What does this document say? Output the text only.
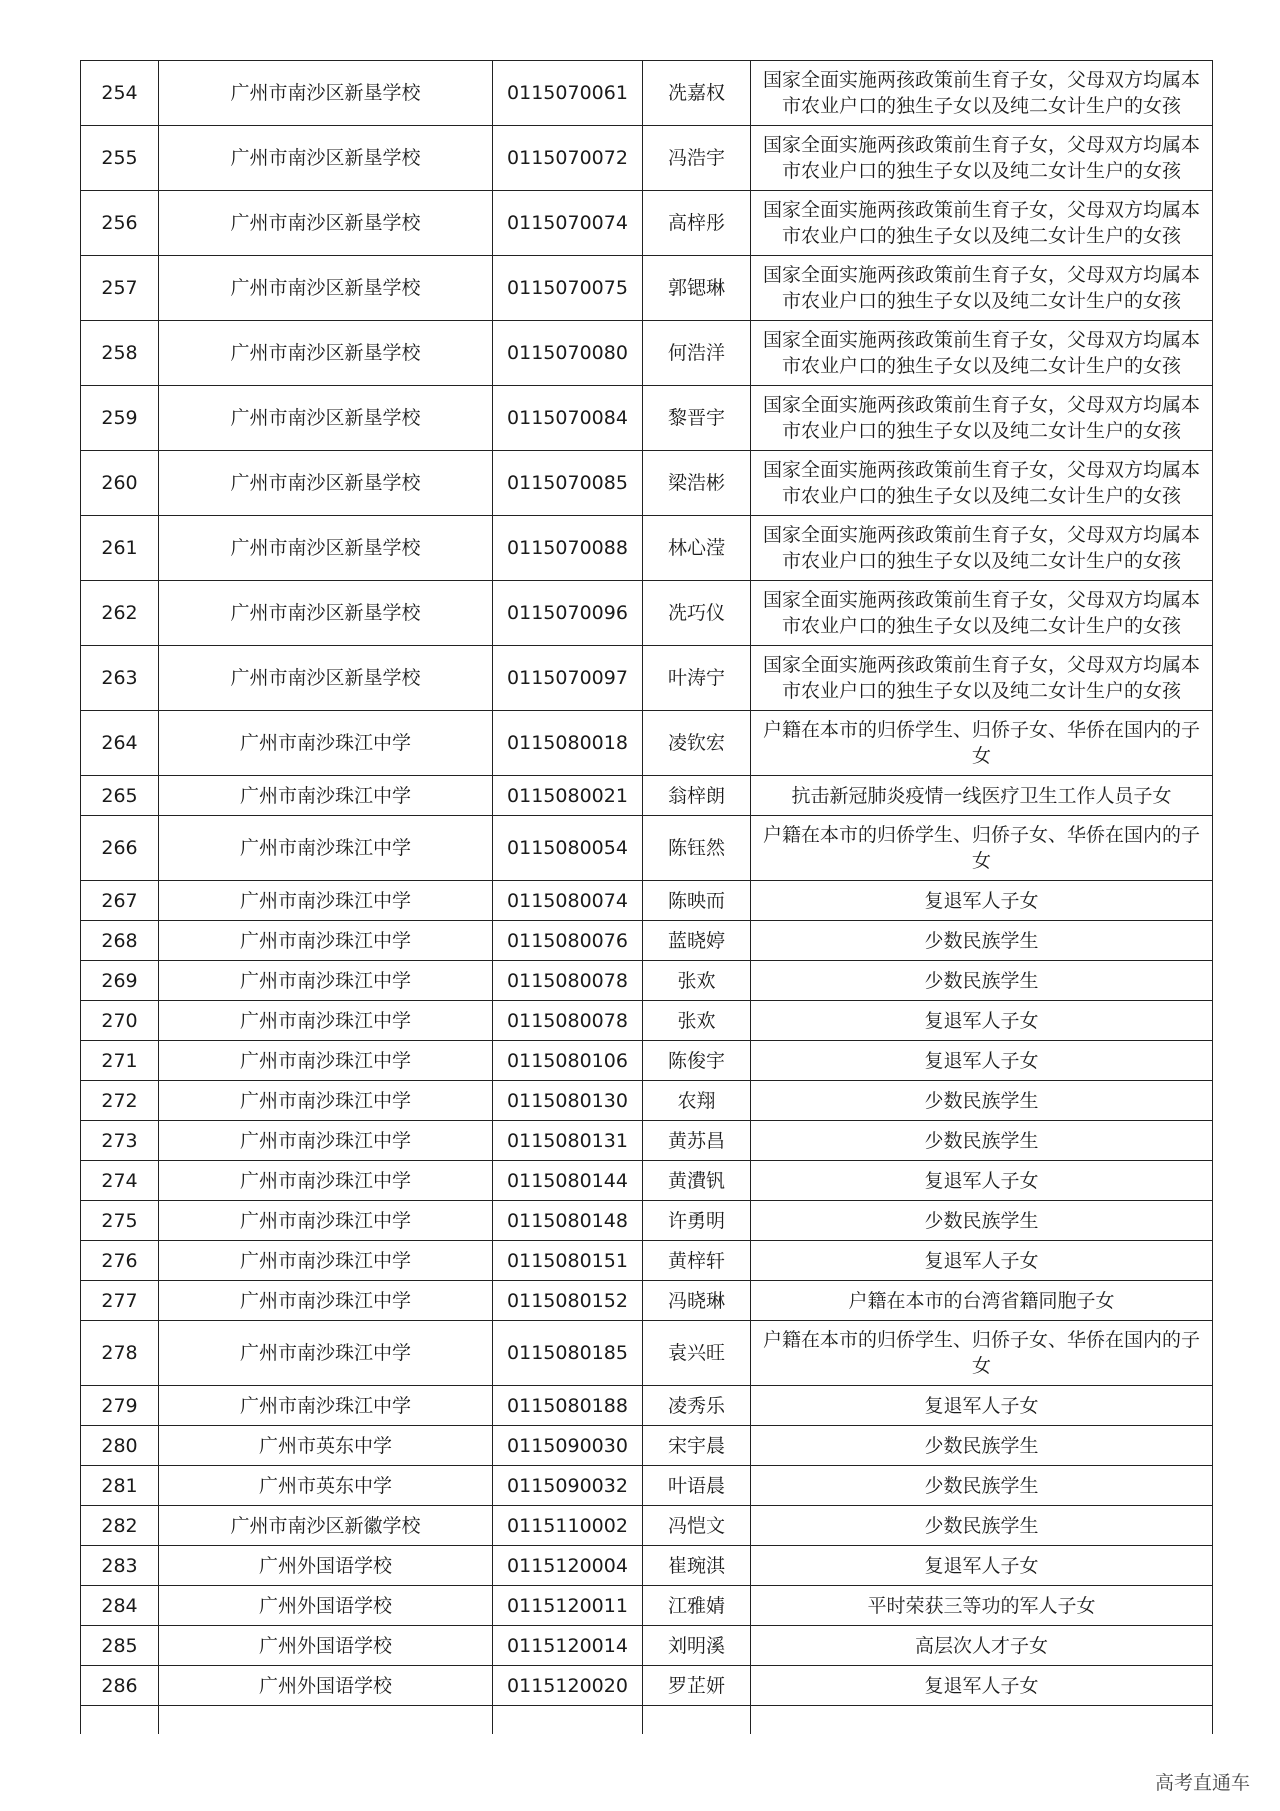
254	广州市南沙区新垦学校	0115070061	冼嘉权	国家全面实施两孩政策前生育子女，父母双方均属本市农业户口的独生子女以及纯二女计生户的女孩
255	广州市南沙区新垦学校	0115070072	冯浩宇	国家全面实施两孩政策前生育子女，父母双方均属本市农业户口的独生子女以及纯二女计生户的女孩
256	广州市南沙区新垦学校	0115070074	高梓彤	国家全面实施两孩政策前生育子女，父母双方均属本市农业户口的独生子女以及纯二女计生户的女孩
257	广州市南沙区新垦学校	0115070075	郭锶琳	国家全面实施两孩政策前生育子女，父母双方均属本市农业户口的独生子女以及纯二女计生户的女孩
258	广州市南沙区新垦学校	0115070080	何浩洋	国家全面实施两孩政策前生育子女，父母双方均属本市农业户口的独生子女以及纯二女计生户的女孩
259	广州市南沙区新垦学校	0115070084	黎晋宇	国家全面实施两孩政策前生育子女，父母双方均属本市农业户口的独生子女以及纯二女计生户的女孩
260	广州市南沙区新垦学校	0115070085	梁浩彬	国家全面实施两孩政策前生育子女，父母双方均属本市农业户口的独生子女以及纯二女计生户的女孩
261	广州市南沙区新垦学校	0115070088	林心滢	国家全面实施两孩政策前生育子女，父母双方均属本市农业户口的独生子女以及纯二女计生户的女孩
262	广州市南沙区新垦学校	0115070096	冼巧仪	国家全面实施两孩政策前生育子女，父母双方均属本市农业户口的独生子女以及纯二女计生户的女孩
263	广州市南沙区新垦学校	0115070097	叶涛宁	国家全面实施两孩政策前生育子女，父母双方均属本市农业户口的独生子女以及纯二女计生户的女孩
264	广州市南沙珠江中学	0115080018	凌钦宏	户籍在本市的归侨学生、归侨子女、华侨在国内的子女
265	广州市南沙珠江中学	0115080021	翁梓朗	抗击新冠肺炎疫情一线医疗卫生工作人员子女
266	广州市南沙珠江中学	0115080054	陈钰然	户籍在本市的归侨学生、归侨子女、华侨在国内的子女
267	广州市南沙珠江中学	0115080074	陈映而	复退军人子女
268	广州市南沙珠江中学	0115080076	蓝晓婷	少数民族学生
269	广州市南沙珠江中学	0115080078	张欢	少数民族学生
270	广州市南沙珠江中学	0115080078	张欢	复退军人子女
271	广州市南沙珠江中学	0115080106	陈俊宇	复退军人子女
272	广州市南沙珠江中学	0115080130	农翔	少数民族学生
273	广州市南沙珠江中学	0115080131	黄苏昌	少数民族学生
274	广州市南沙珠江中学	0115080144	黄㵒钒	复退军人子女
275	广州市南沙珠江中学	0115080148	许勇明	少数民族学生
276	广州市南沙珠江中学	0115080151	黄梓轩	复退军人子女
277	广州市南沙珠江中学	0115080152	冯晓琳	户籍在本市的台湾省籍同胞子女
278	广州市南沙珠江中学	0115080185	袁兴旺	户籍在本市的归侨学生、归侨子女、华侨在国内的子女
279	广州市南沙珠江中学	0115080188	凌秀乐	复退军人子女
280	广州市英东中学	0115090030	宋宇晨	少数民族学生
281	广州市英东中学	0115090032	叶语晨	少数民族学生
282	广州市南沙区新徽学校	0115110002	冯恺文	少数民族学生
283	广州外国语学校	0115120004	崔琬淇	复退军人子女
284	广州外国语学校	0115120011	江雅婧	平时荣获三等功的军人子女
285	广州外国语学校	0115120014	刘明溪	高层次人才子女
286	广州外国语学校	0115120020	罗芷妍	复退军人子女

高考直通车
